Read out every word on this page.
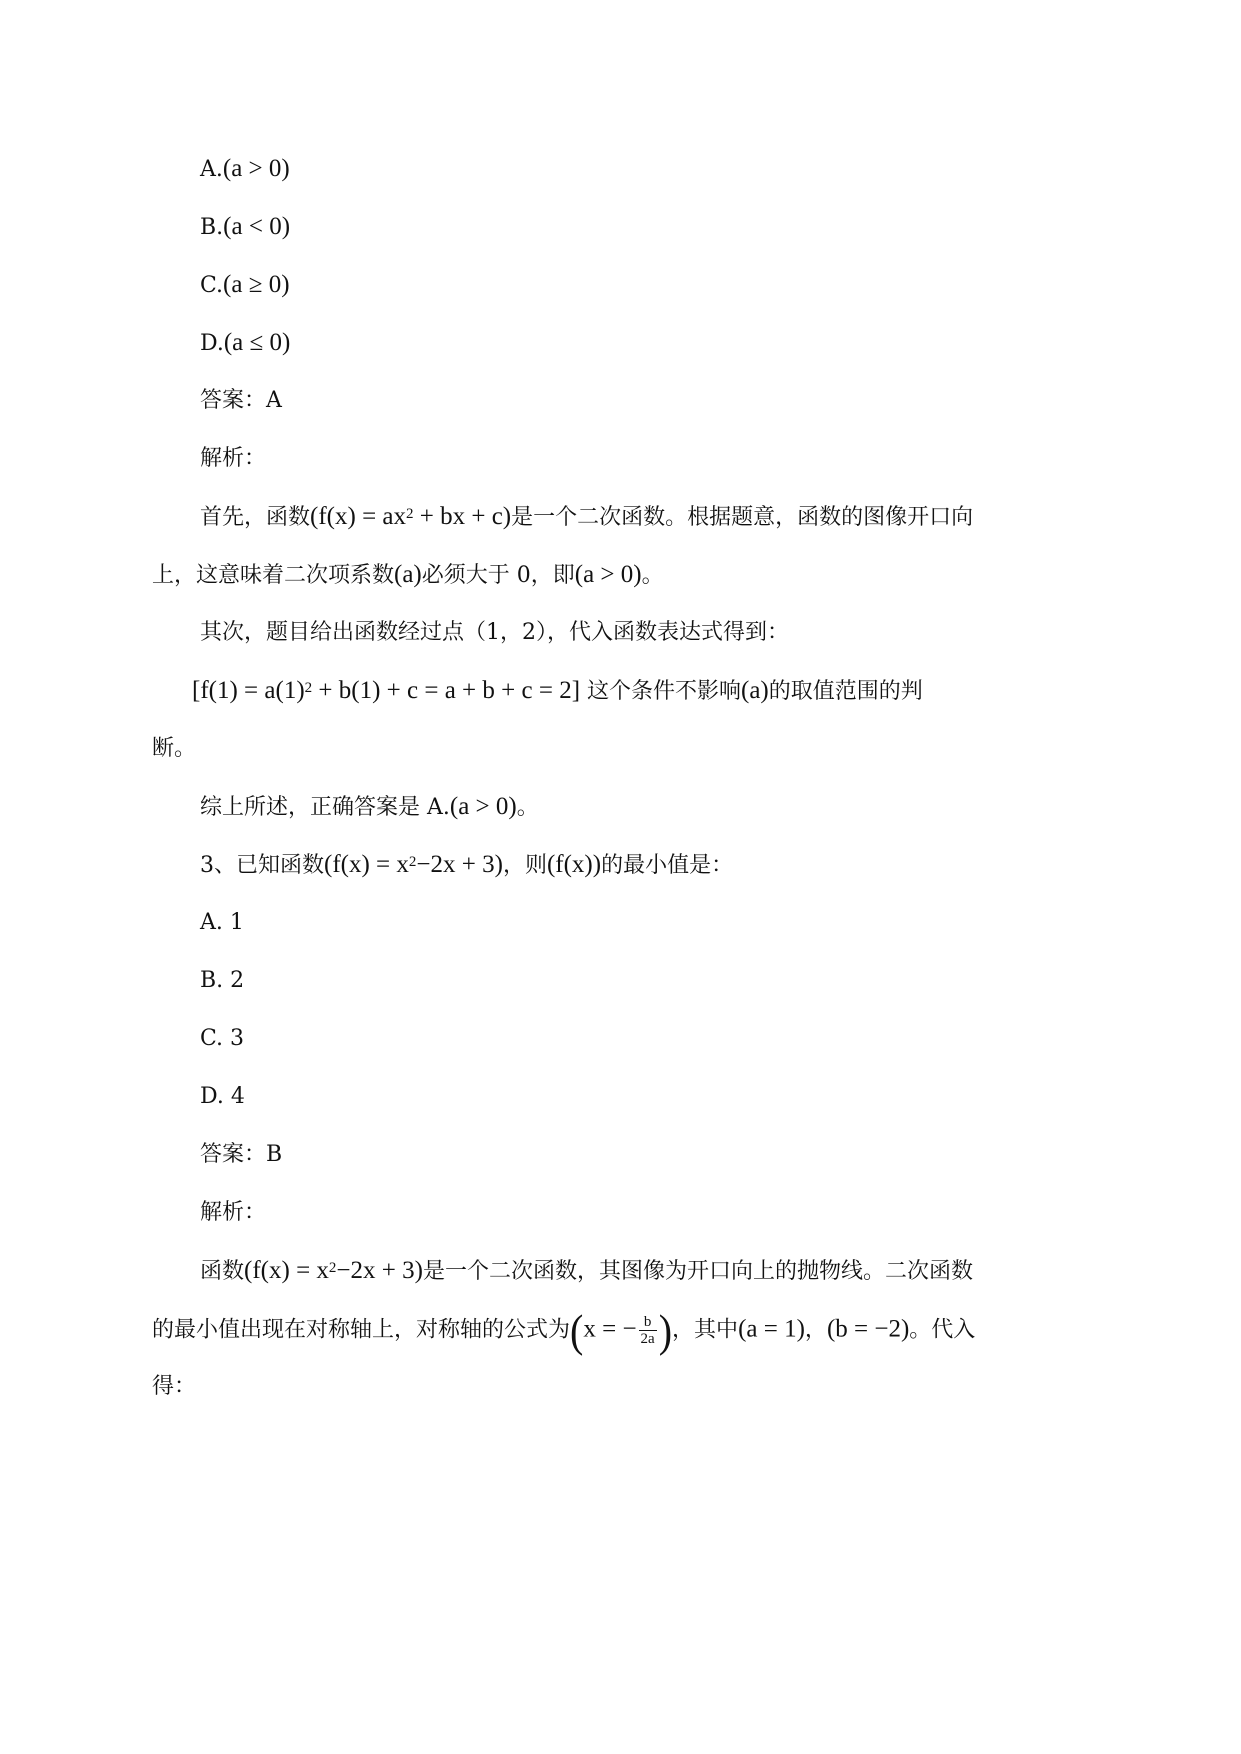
A.(a > 0)
B.(a < 0)
C.(a ≥ 0)
D.(a ≤ 0)
答案：A
解析：
首先，函数($f(x) = ax^2$ + bx + c)是一个二次函数。根据题意，函数的图像开口向
上，这意味着二次项系数(a)必须大于 0，即(a > 0)。
其次，题目给出函数经过点（1，2），代入函数表达式得到：
$[f(1) = a(1)^2 + b(1) + c = a + b + c = 2]$ 这个条件不影响(a)的取值范围的判
断。
综上所述，正确答案是 A.(a > 0)。
3、已知函数$(f(x) = x^2-2x + 3)$，则(f(x))的最小值是：
A. 1
B. 2
C. 3
D. 4
答案：B
解析：
函数$(f(x) = x^2-2x + 3)$是一个二次函数，其图像为开口向上的抛物线。二次函数
的最小值出现在对称轴上，对称轴的公式为(x = − $\frac{b}{2a}$ )，其中(a = 1)，(b = −2)。代入
得：
